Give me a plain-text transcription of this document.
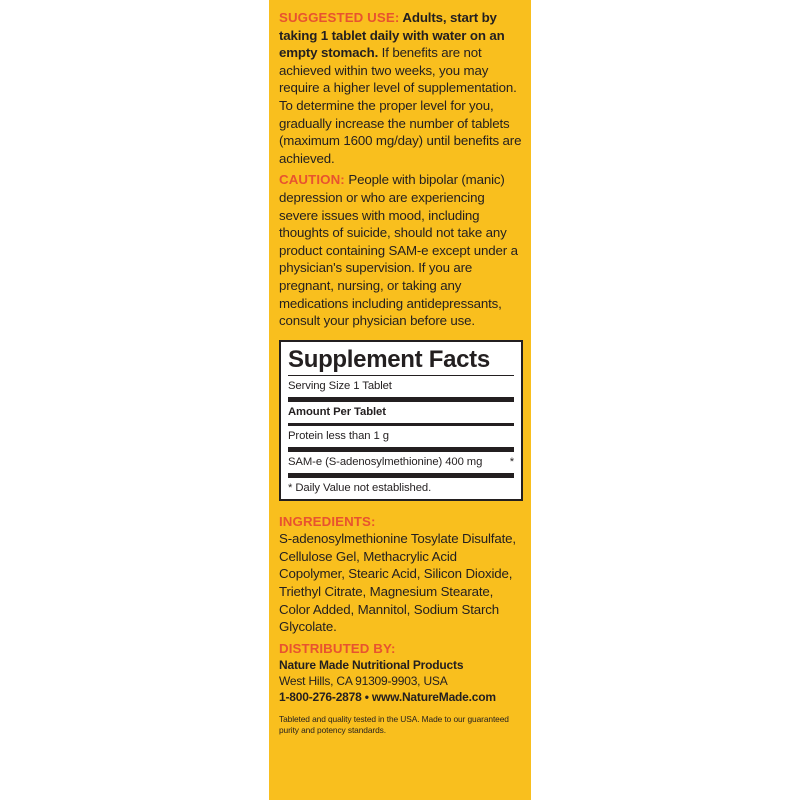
SUGGESTED USE: Adults, start by taking 1 tablet daily with water on an empty stomach. If benefits are not achieved within two weeks, you may require a higher level of supplementation. To determine the proper level for you, gradually increase the number of tablets (maximum 1600 mg/day) until benefits are achieved.

CAUTION: People with bipolar (manic) depression or who are experiencing severe issues with mood, including thoughts of suicide, should not take any product containing SAM-e except under a physician's supervision. If you are pregnant, nursing, or taking any medications including antidepressants, consult your physician before use.

Supplement Facts
Serving Size 1 Tablet
Amount Per Tablet
Protein less than 1 g
SAM-e (S-adenosylmethionine) 400 mg *
* Daily Value not established.

INGREDIENTS:
S-adenosylmethionine Tosylate Disulfate, Cellulose Gel, Methacrylic Acid Copolymer, Stearic Acid, Silicon Dioxide, Triethyl Citrate, Magnesium Stearate, Color Added, Mannitol, Sodium Starch Glycolate.

DISTRIBUTED BY:

Nature Made Nutritional Products

West Hills, CA 91309-9903, USA

1-800-276-2878 • www.NatureMade.com

Tableted and quality tested in the USA. Made to our guaranteed purity and potency standards.
